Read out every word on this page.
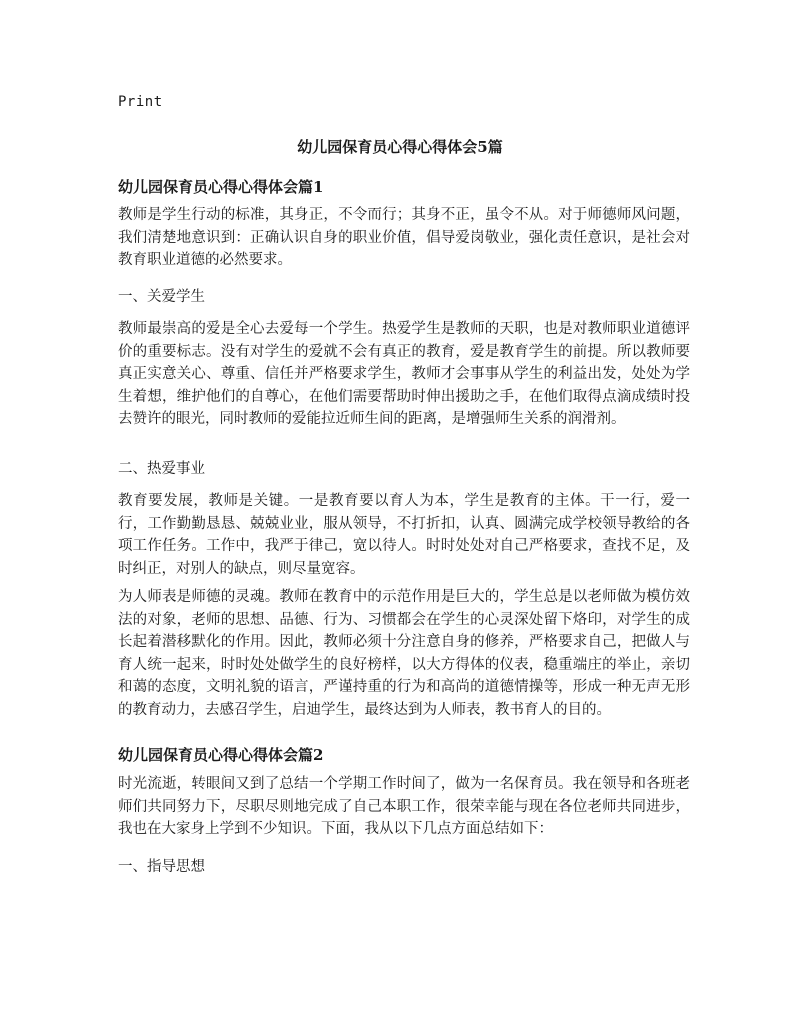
Print
幼儿园保育员心得心得体会5篇
幼儿园保育员心得心得体会篇1

教师是学生行动的标准，其身正，不令而行；其身不正，虽令不从。对于师德师风问题，我们清楚地意识到：正确认识自身的职业价值，倡导爱岗敬业，强化责任意识，是社会对教育职业道德的必然要求。

一、关爱学生

教师最崇高的爱是全心去爱每一个学生。热爱学生是教师的天职，也是对教师职业道德评价的重要标志。没有对学生的爱就不会有真正的教育，爱是教育学生的前提。所以教师要真正实意关心、尊重、信任并严格要求学生，教师才会事事从学生的利益出发，处处为学生着想，维护他们的自尊心，在他们需要帮助时伸出援助之手，在他们取得点滴成绩时投去赞许的眼光，同时教师的爱能拉近师生间的距离，是增强师生关系的润滑剂。

二、热爱事业

教育要发展，教师是关键。一是教育要以育人为本，学生是教育的主体。干一行，爱一行，工作勤勤恳恳、兢兢业业，服从领导，不打折扣，认真、圆满完成学校领导教给的各项工作任务。工作中，我严于律己，宽以待人。时时处处对自己严格要求，查找不足，及时纠正，对别人的缺点，则尽量宽容。

为人师表是师德的灵魂。教师在教育中的示范作用是巨大的，学生总是以老师做为模仿效法的对象，老师的思想、品德、行为、习惯都会在学生的心灵深处留下烙印，对学生的成长起着潜移默化的作用。因此，教师必须十分注意自身的修养，严格要求自己，把做人与育人统一起来，时时处处做学生的良好榜样，以大方得体的仪表，稳重端庄的举止，亲切和蔼的态度，文明礼貌的语言，严谨持重的行为和高尚的道德情操等，形成一种无声无形的教育动力，去感召学生，启迪学生，最终达到为人师表，教书育人的目的。

幼儿园保育员心得心得体会篇2

时光流逝，转眼间又到了总结一个学期工作时间了，做为一名保育员。我在领导和各班老师们共同努力下，尽职尽则地完成了自己本职工作，很荣幸能与现在各位老师共同进步，我也在大家身上学到不少知识。下面，我从以下几点方面总结如下：

一、指导思想
